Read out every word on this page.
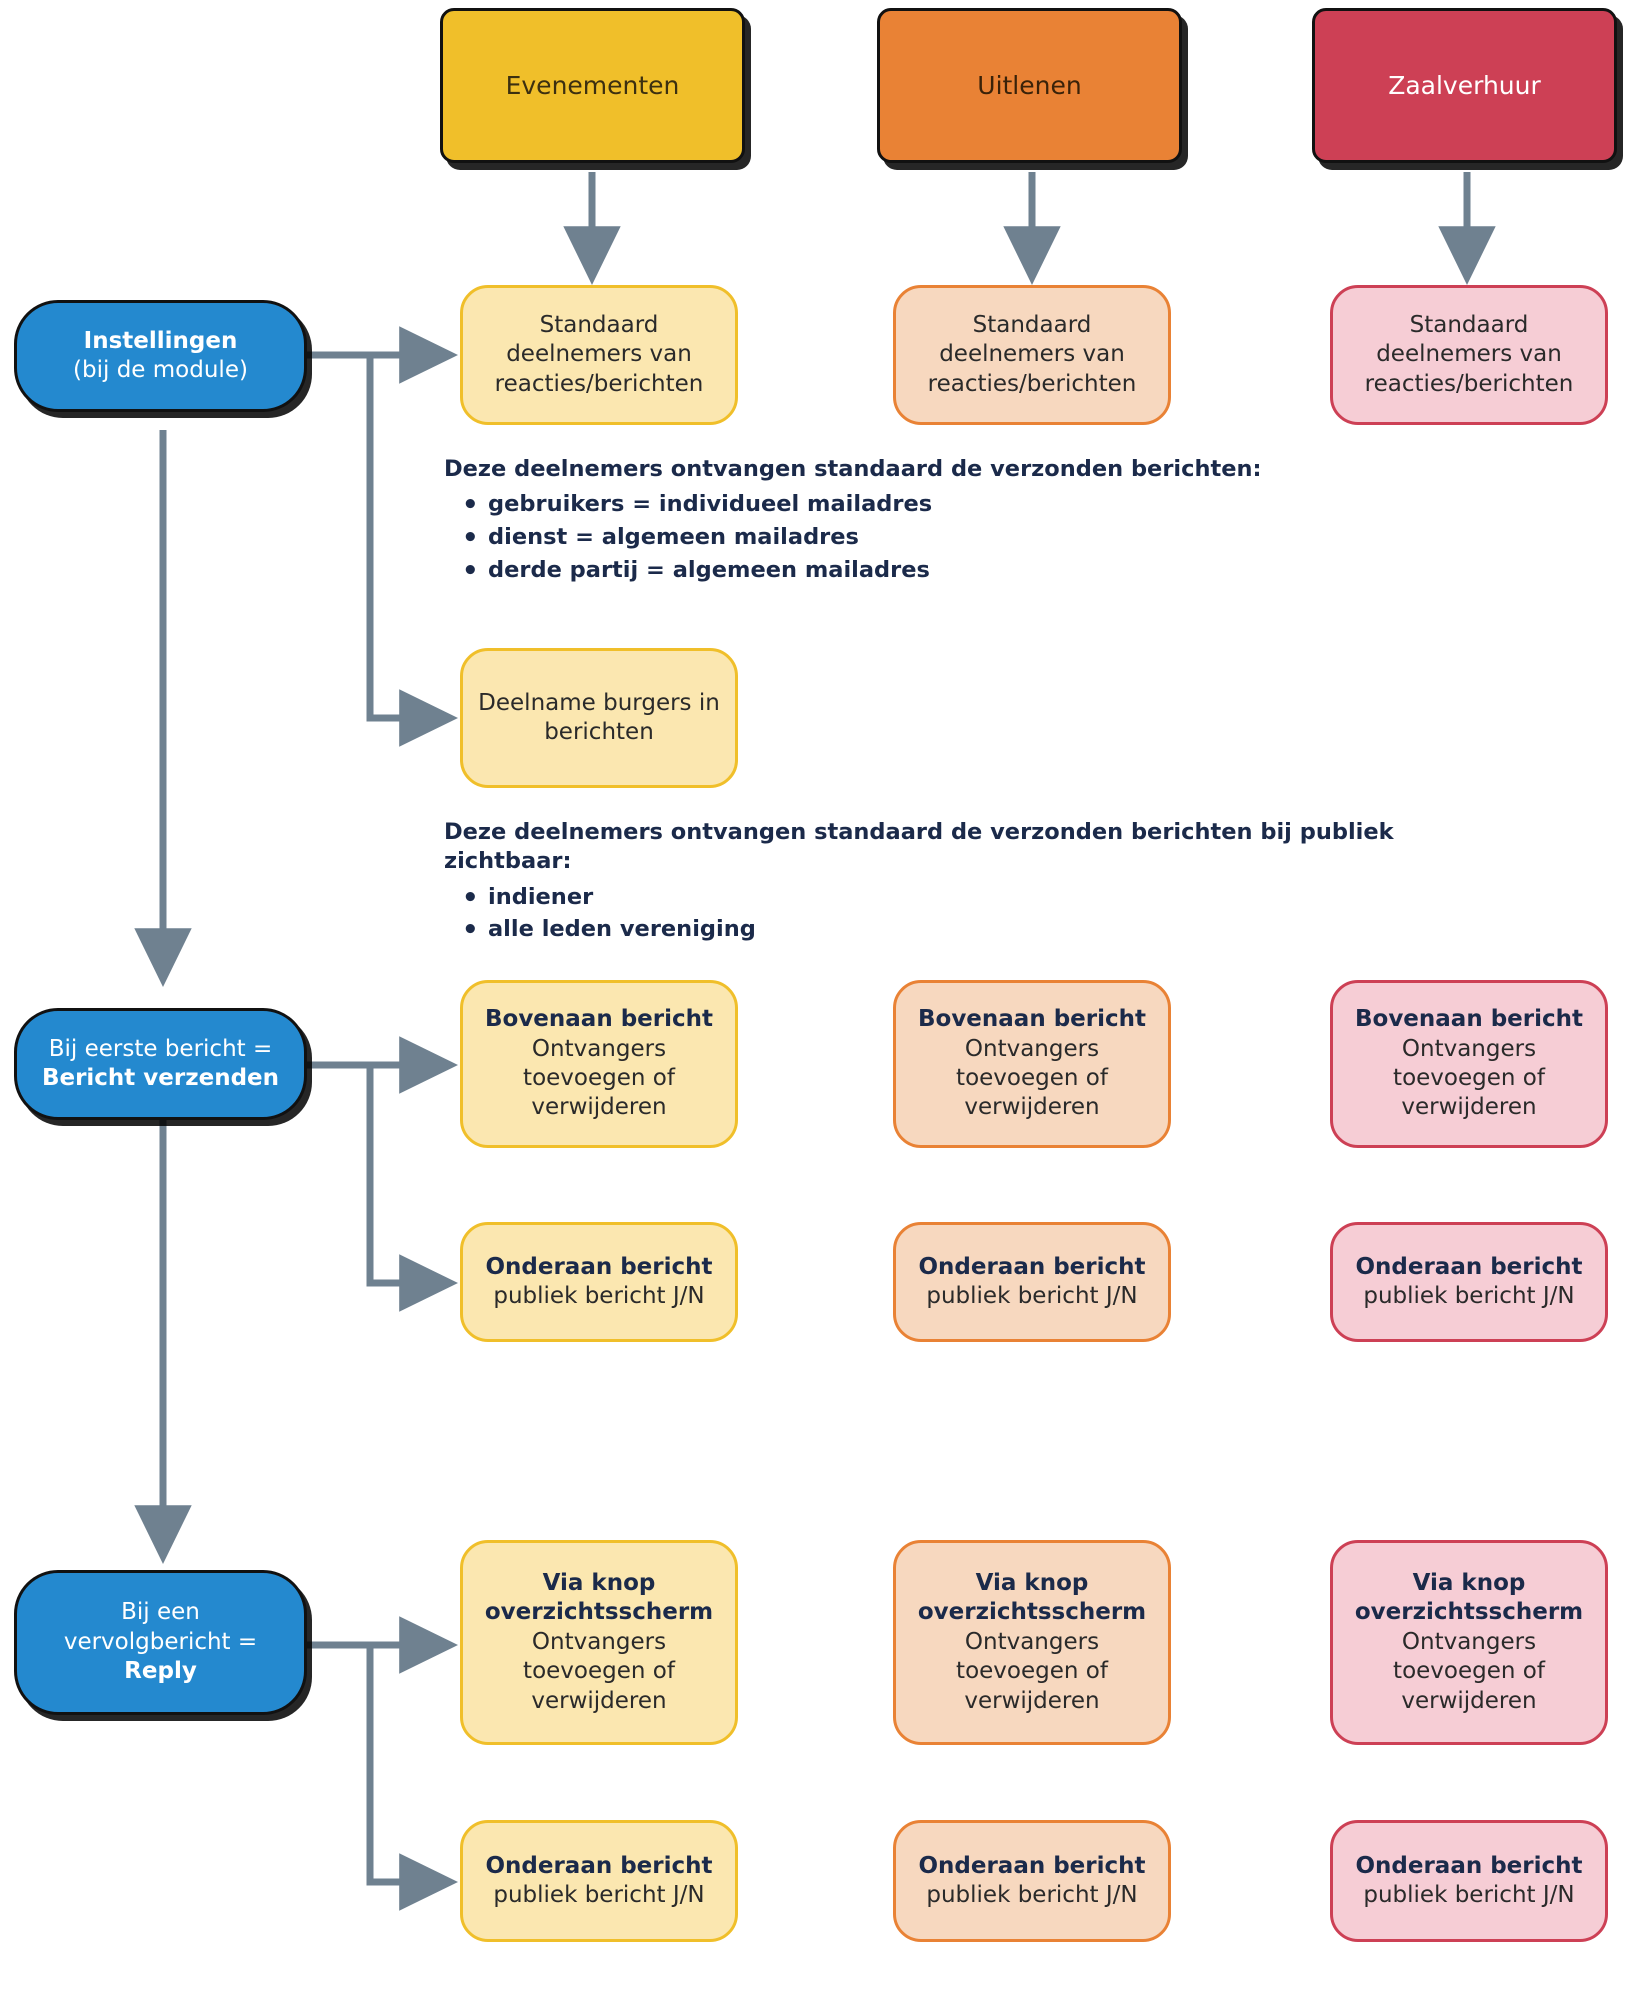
Evenementen	Uitlenen	Zaalverhuur
Instellingen
(bij de module)
Bij eerste bericht =
Bericht verzenden
Bij een
vervolgbericht =
Reply
Standaard deelnemers van reacties/berichten
Standaard deelnemers van reacties/berichten
Standaard deelnemers van reacties/berichten

Deze deelnemers ontvangen standaard de verzonden berichten:

• gebruikers = individueel mailadres
• dienst = algemeen mailadres
• derde partij = algemeen mailadres
Deelname burgers in berichten

Deze deelnemers ontvangen standaard de verzonden berichten bij publiek zichtbaar:

• indiener
• alle leden vereniging
Bovenaan bericht
Ontvangers toevoegen of verwijderen
Bovenaan bericht
Ontvangers toevoegen of verwijderen
Bovenaan bericht
Ontvangers toevoegen of verwijderen
Onderaan bericht
publiek bericht J/N
Onderaan bericht
publiek bericht J/N
Onderaan bericht
publiek bericht J/N
Via knop overzichtsscherm
Ontvangers toevoegen of verwijderen
Via knop overzichtsscherm
Ontvangers toevoegen of verwijderen
Via knop overzichtsscherm
Ontvangers toevoegen of verwijderen
Onderaan bericht
publiek bericht J/N
Onderaan bericht
publiek bericht J/N
Onderaan bericht
publiek bericht J/N
